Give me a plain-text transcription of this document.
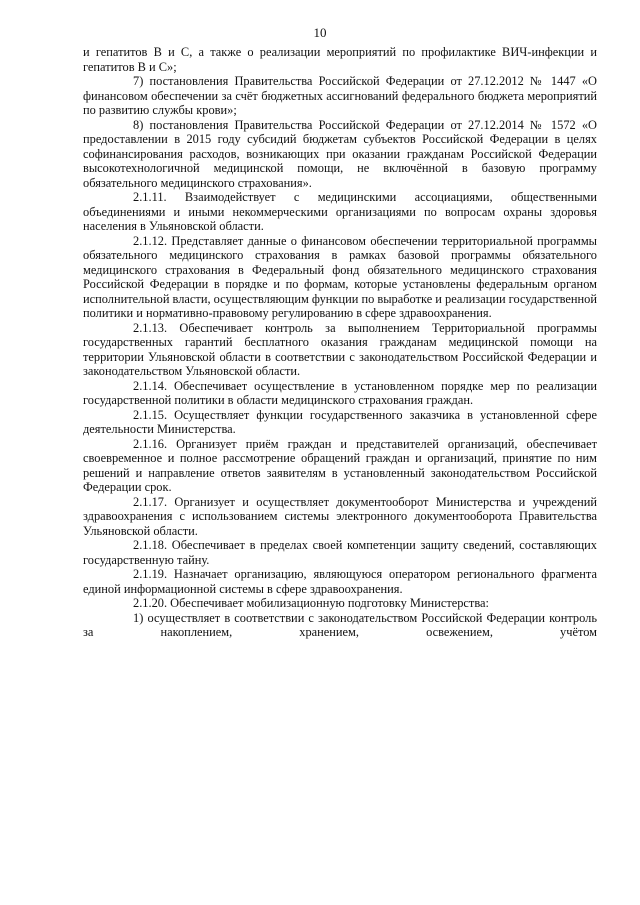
10

и гепатитов В и С, а также о реализации мероприятий по профилактике ВИЧ-инфекции и гепатитов В и С»;

7) постановления Правительства Российской Федерации от 27.12.2012 № 1447 «О финансовом обеспечении за счёт бюджетных ассигнований федерального бюджета мероприятий по развитию службы крови»;

8) постановления Правительства Российской Федерации от 27.12.2014 № 1572 «О предоставлении в 2015 году субсидий бюджетам субъектов Российской Федерации в целях софинансирования расходов, возникающих при оказании гражданам Российской Федерации высокотехнологичной медицинской помощи, не включённой в базовую программу обязательного медицинского страхования».

2.1.11. Взаимодействует с медицинскими ассоциациями, общественными объединениями и иными некоммерческими организациями по вопросам охраны здоровья населения в Ульяновской области.

2.1.12. Представляет данные о финансовом обеспечении территориальной программы обязательного медицинского страхования в рамках базовой программы обязательного медицинского страхования в Федеральный фонд обязательного медицинского страхования Российской Федерации в порядке и по формам, которые установлены федеральным органом исполнительной власти, осуществляющим функции по выработке и реализации государственной политики и нормативно-правовому регулированию в сфере здравоохранения.

2.1.13. Обеспечивает контроль за выполнением Территориальной программы государственных гарантий бесплатного оказания гражданам медицинской помощи на территории Ульяновской области в соответствии с законодательством Российской Федерации и законодательством Ульяновской области.

2.1.14. Обеспечивает осуществление в установленном порядке мер по реализации государственной политики в области медицинского страхования граждан.

2.1.15. Осуществляет функции государственного заказчика в установленной сфере деятельности Министерства.

2.1.16. Организует приём граждан и представителей организаций, обеспечивает своевременное и полное рассмотрение обращений граждан и организаций, принятие по ним решений и направление ответов заявителям в установленный законодательством Российской Федерации срок.

2.1.17. Организует и осуществляет документооборот Министерства и учреждений здравоохранения с использованием системы электронного документооборота Правительства Ульяновской области.

2.1.18. Обеспечивает в пределах своей компетенции защиту сведений, составляющих государственную тайну.

2.1.19. Назначает организацию, являющуюся оператором регионального фрагмента единой информационной системы в сфере здравоохранения.

2.1.20. Обеспечивает мобилизационную подготовку Министерства:

1) осуществляет в соответствии с законодательством Российской Федерации контроль за накоплением, хранением, освежением, учётом
